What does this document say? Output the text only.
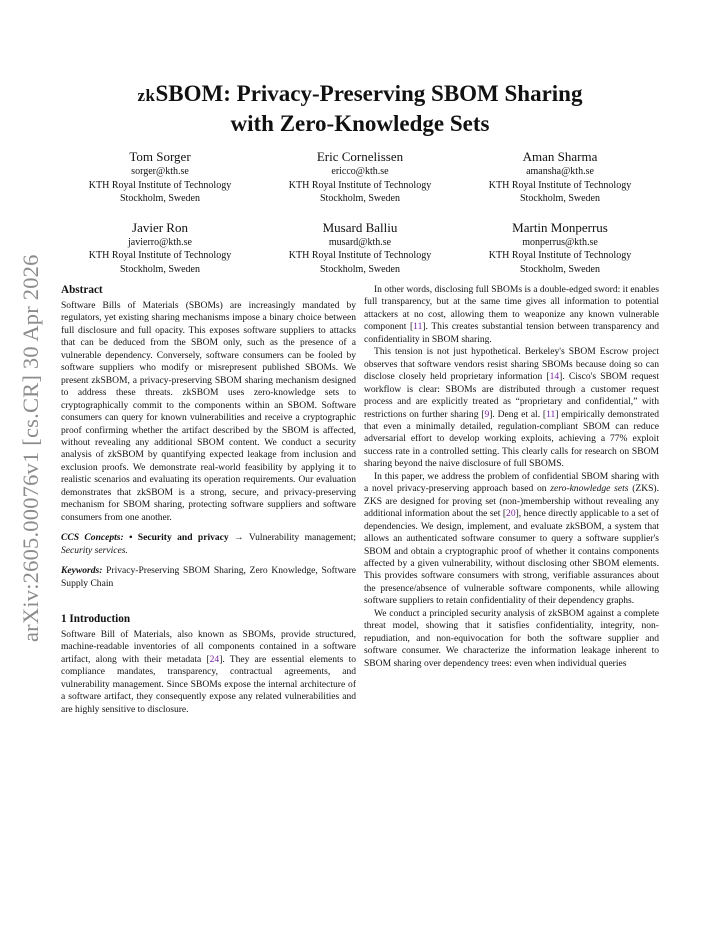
arXiv:2605.00076v1 [cs.CR] 30 Apr 2026
zkSBOM: Privacy-Preserving SBOM Sharing
with Zero-Knowledge Sets
Tom Sorger
sorger@kth.se
KTH Royal Institute of Technology
Stockholm, Sweden
Eric Cornelissen
ericco@kth.se
KTH Royal Institute of Technology
Stockholm, Sweden
Aman Sharma
amansha@kth.se
KTH Royal Institute of Technology
Stockholm, Sweden
Javier Ron
javierro@kth.se
KTH Royal Institute of Technology
Stockholm, Sweden
Musard Balliu
musard@kth.se
KTH Royal Institute of Technology
Stockholm, Sweden
Martin Monperrus
monperrus@kth.se
KTH Royal Institute of Technology
Stockholm, Sweden
Abstract

Software Bills of Materials (SBOMs) are increasingly mandated by regulators, yet existing sharing mechanisms impose a binary choice between full disclosure and full opacity. This exposes software suppliers to attacks that can be deduced from the SBOM only, such as the presence of a vulnerable dependency. Conversely, software consumers can be fooled by software suppliers who modify or misrepresent published SBOMs. We present zkSBOM, a privacy-preserving SBOM sharing mechanism designed to address these threats. zkSBOM uses zero-knowledge sets to cryptographically commit to the components within an SBOM. Software consumers can query for known vulnerabilities and receive a cryptographic proof confirming whether the artifact described by the SBOM is affected, without revealing any additional SBOM content. We conduct a security analysis of zkSBOM by quantifying expected leakage from inclusion and exclusion proofs. We demonstrate real-world feasibility by applying it to realistic scenarios and evaluating its operation requirements. Our evaluation demonstrates that zkSBOM is a strong, secure, and privacy-preserving mechanism for SBOM sharing, protecting software suppliers and software consumers from one another.

CCS Concepts: • Security and privacy → Vulnerability management; Security services.

Keywords: Privacy-Preserving SBOM Sharing, Zero Knowledge, Software Supply Chain

1 Introduction

Software Bill of Materials, also known as SBOMs, provide structured, machine-readable inventories of all components contained in a software artifact, along with their metadata [24]. They are essential elements to compliance mandates, transparency, contractual agreements, and vulnerability management. Since SBOMs expose the internal architecture of a software artifact, they consequently expose any related vulnerabilities and are highly sensitive to disclosure.

In other words, disclosing full SBOMs is a double-edged sword: it enables full transparency, but at the same time gives all information to potential attackers at no cost, allowing them to weaponize any known vulnerable component [11]. This creates substantial tension between transparency and confidentiality in SBOM sharing.

This tension is not just hypothetical. Berkeley's SBOM Escrow project observes that software vendors resist sharing SBOMs because doing so can disclose closely held proprietary information [14]. Cisco's SBOM request workflow is clear: SBOMs are distributed through a customer request process and are explicitly treated as “proprietary and confidential,” with restrictions on further sharing [9]. Deng et al. [11] empirically demonstrated that even a minimally detailed, regulation-compliant SBOM can reduce adversarial effort to develop working exploits, achieving a 77% exploit success rate in a controlled setting. This clearly calls for research on SBOM sharing beyond the naive disclosure of full SBOMS.

In this paper, we address the problem of confidential SBOM sharing with a novel privacy-preserving approach based on zero-knowledge sets (ZKS). ZKS are designed for proving set (non-)membership without revealing any additional information about the set [20], hence directly applicable to a set of dependencies. We design, implement, and evaluate zkSBOM, a system that allows an authenticated software consumer to query a software supplier's SBOM and obtain a cryptographic proof of whether it contains components affected by a given vulnerability, without disclosing other SBOM elements. This provides software consumers with strong, verifiable assurances about the presence/absence of vulnerable software components, while allowing software suppliers to retain confidentiality of their dependency graphs.

We conduct a principled security analysis of zkSBOM against a complete threat model, showing that it satisfies confidentiality, integrity, non-repudiation, and non-equivocation for both the software supplier and software consumer. We characterize the information leakage inherent to SBOM sharing over dependency trees: even when individual queries
